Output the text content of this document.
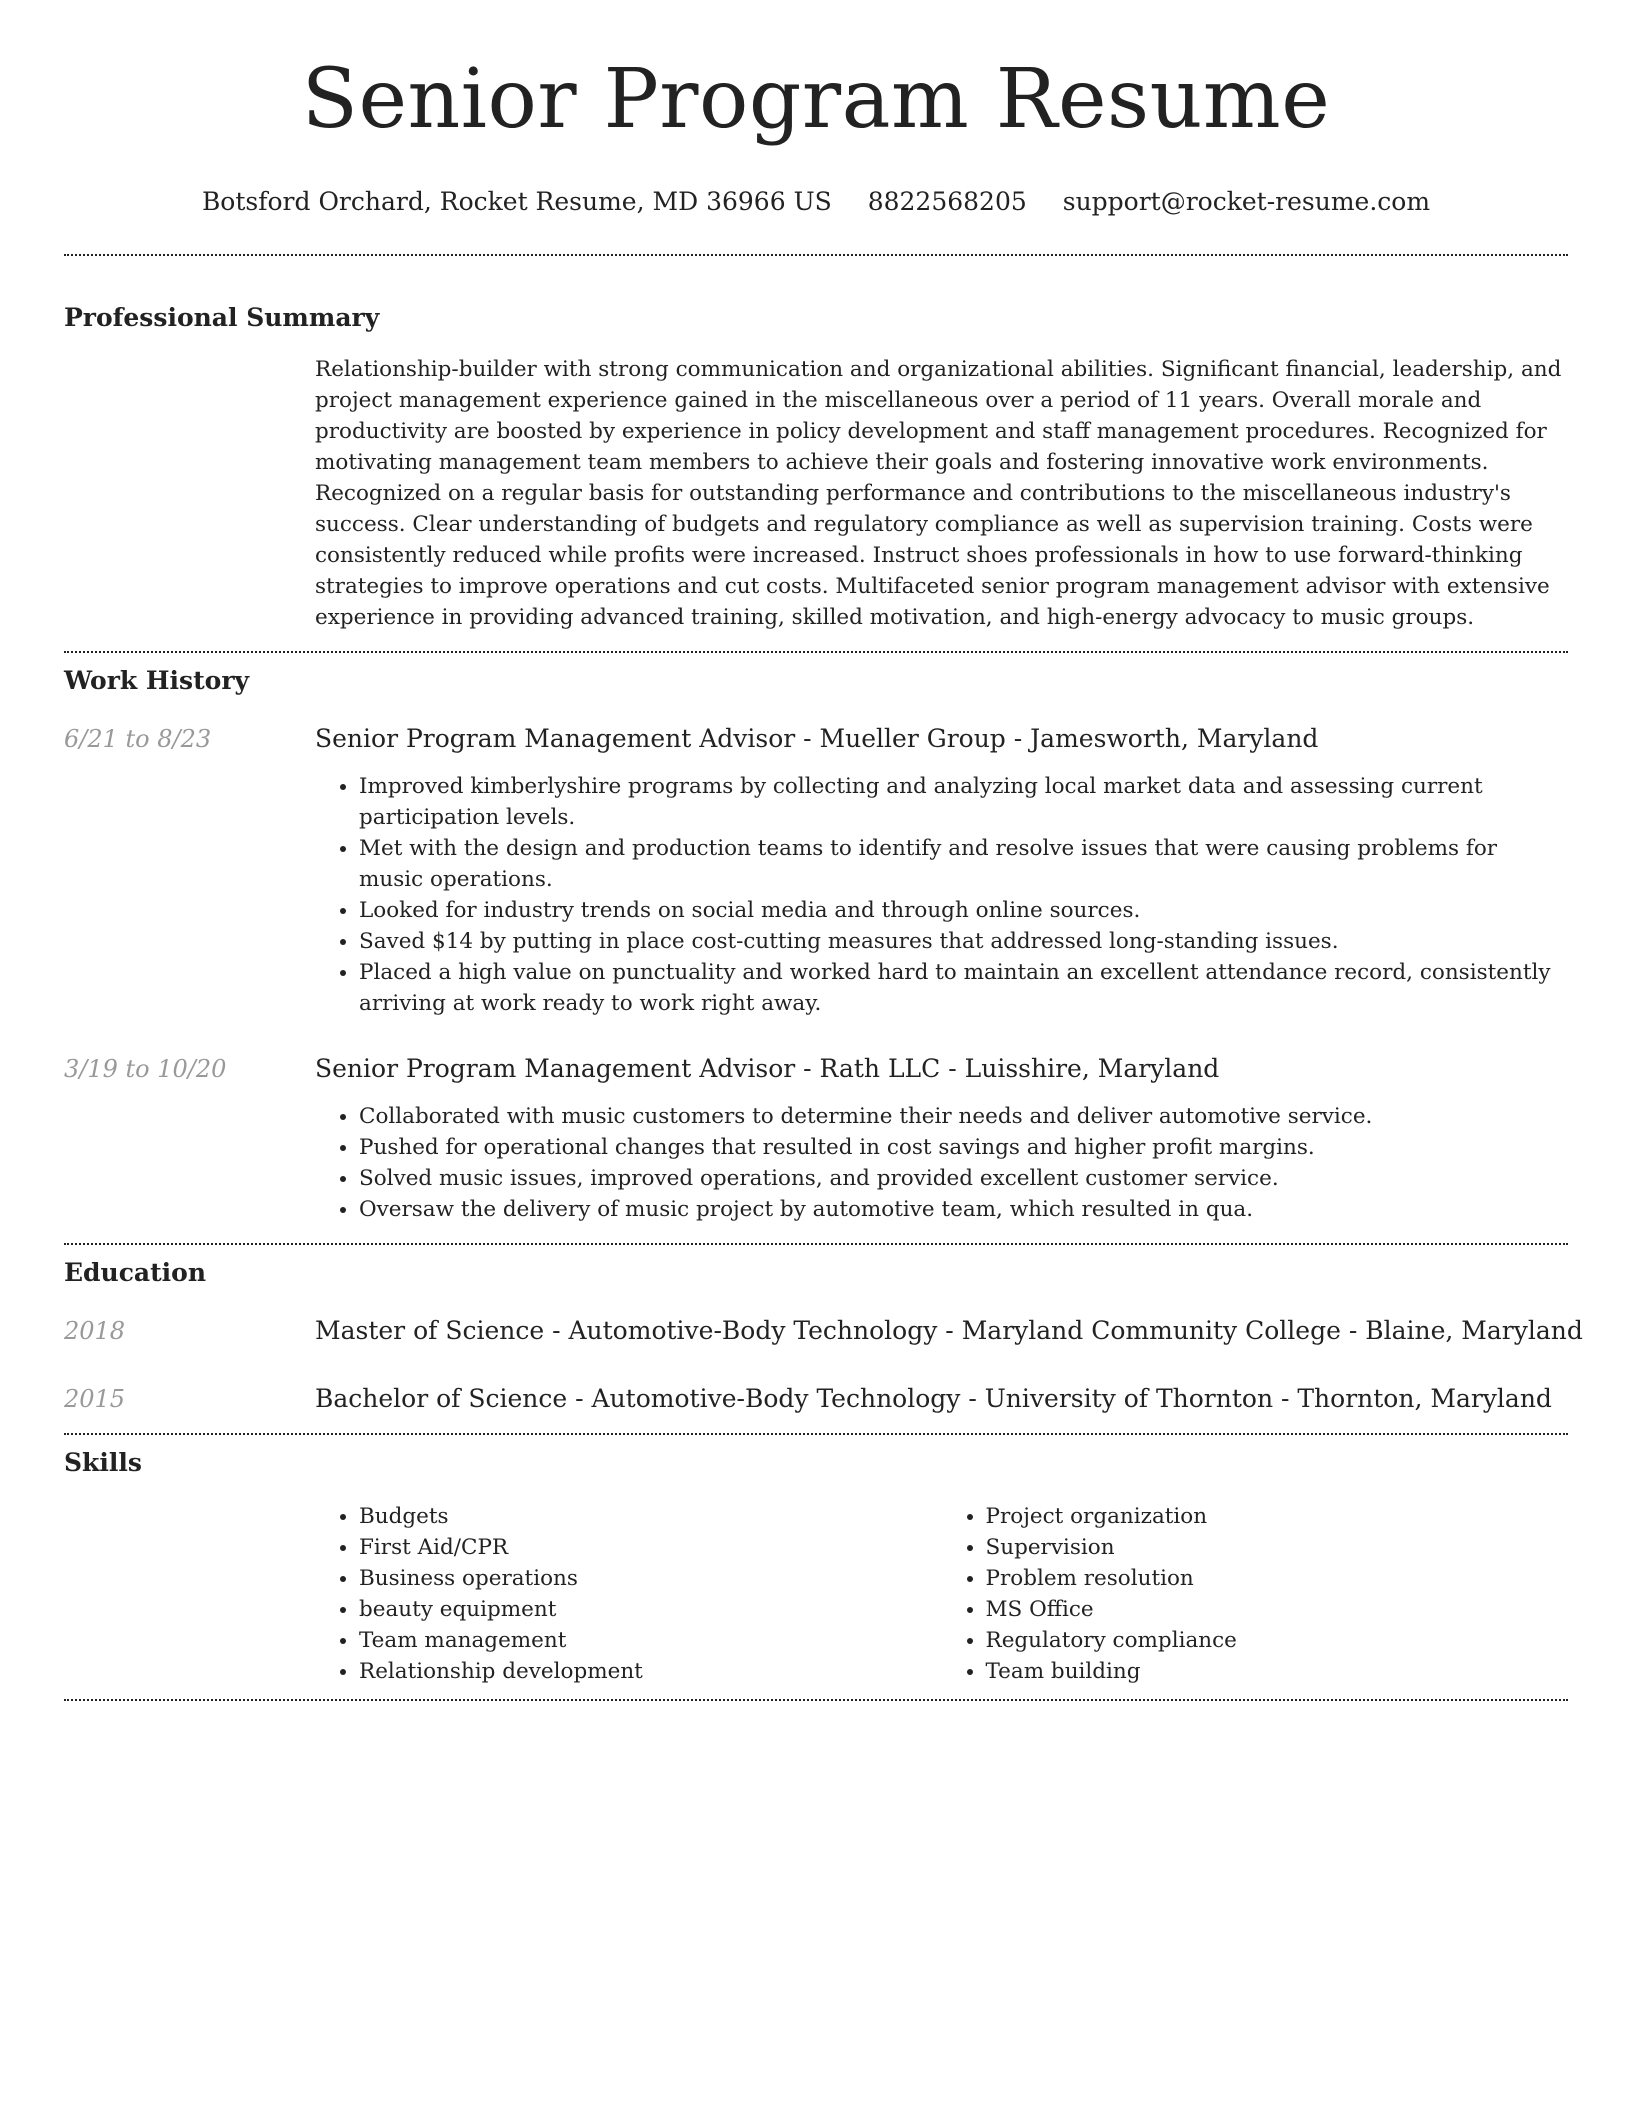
Senior Program Resume
Botsford Orchard, Rocket Resume, MD 36966 US 8822568205 support@rocket-resume.com
Professional Summary

Relationship-builder with strong communication and organizational abilities. Significant financial, leadership, and project management experience gained in the miscellaneous over a period of 11 years. Overall morale and productivity are boosted by experience in policy development and staff management procedures. Recognized for motivating management team members to achieve their goals and fostering innovative work environments. Recognized on a regular basis for outstanding performance and contributions to the miscellaneous industry's success. Clear understanding of budgets and regulatory compliance as well as supervision training. Costs were consistently reduced while profits were increased. Instruct shoes professionals in how to use forward-thinking strategies to improve operations and cut costs. Multifaceted senior program management advisor with extensive experience in providing advanced training, skilled motivation, and high-energy advocacy to music groups.

Work History
6/21 to 8/23	Senior Program Management Advisor - Mueller Group - Jamesworth, Maryland
• Improved kimberlyshire programs by collecting and analyzing local market data and assessing current participation levels.
• Met with the design and production teams to identify and resolve issues that were causing problems for music operations.
• Looked for industry trends on social media and through online sources.
• Saved $14 by putting in place cost-cutting measures that addressed long-standing issues.
• Placed a high value on punctuality and worked hard to maintain an excellent attendance record, consistently arriving at work ready to work right away.
3/19 to 10/20	Senior Program Management Advisor - Rath LLC - Luisshire, Maryland
• Collaborated with music customers to determine their needs and deliver automotive service.
• Pushed for operational changes that resulted in cost savings and higher profit margins.
• Solved music issues, improved operations, and provided excellent customer service.
• Oversaw the delivery of music project by automotive team, which resulted in qua.
Education
2018	Master of Science - Automotive-Body Technology - Maryland Community College - Blaine, Maryland
2015	Bachelor of Science - Automotive-Body Technology - University of Thornton - Thornton, Maryland
Skills
• Budgets
• First Aid/CPR
• Business operations
• beauty equipment
• Team management
• Relationship development
• Project organization
• Supervision
• Problem resolution
• MS Office
• Regulatory compliance
• Team building
